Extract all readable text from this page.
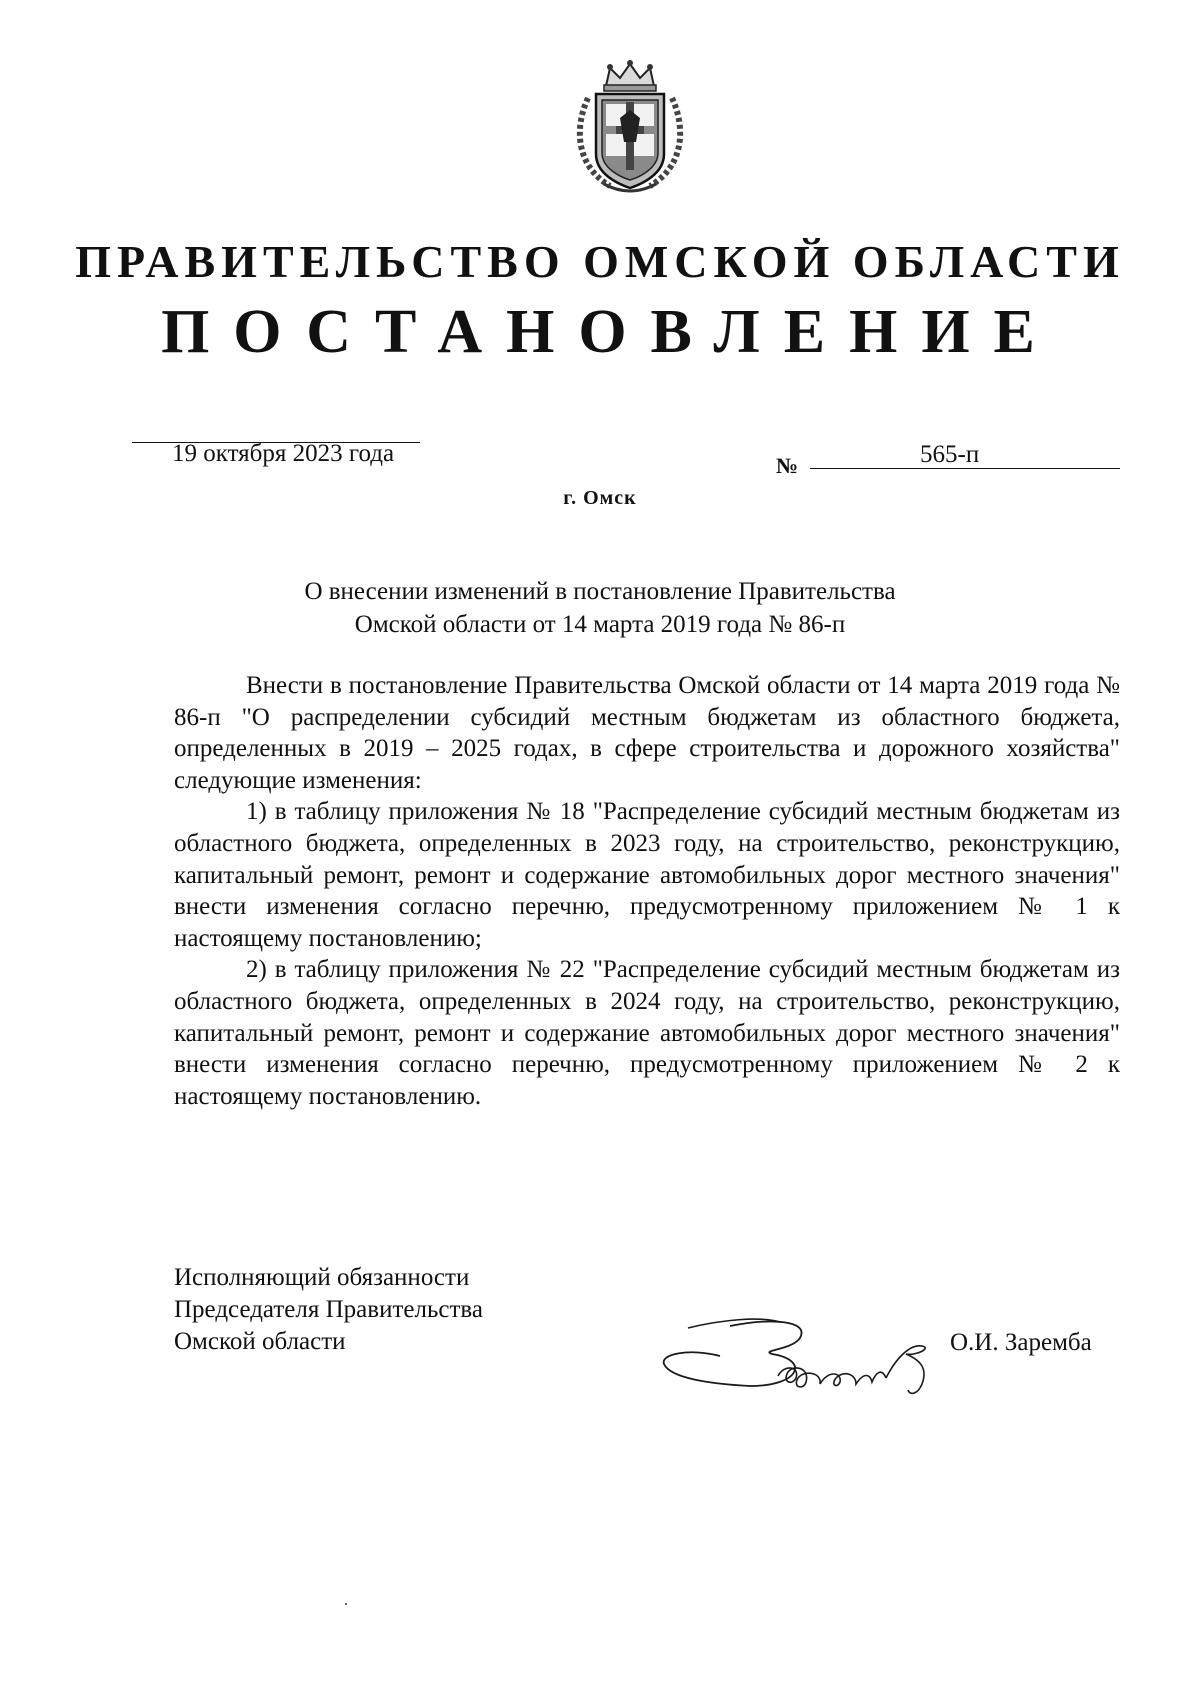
ПРАВИТЕЛЬСТВО ОМСКОЙ ОБЛАСТИ
ПОСТАНОВЛЕНИЕ
19 октября 2023 года	№	565-п
г. Омск
О внесении изменений в постановление Правительства
Омской области от 14 марта 2019 года № 86-п

Внести в постановление Правительства Омской области от 14 марта 2019 года № 86-п "О распределении субсидий местным бюджетам из областного бюджета, определенных в 2019 – 2025 годах, в сфере строительства и дорожного хозяйства" следующие изменения:

1) в таблицу приложения № 18 "Распределение субсидий местным бюджетам из областного бюджета, определенных в 2023 году, на строительство, реконструкцию, капитальный ремонт, ремонт и содержание автомобильных дорог местного значения" внести изменения согласно перечню, предусмотренному приложением № 1 к настоящему постановлению;

2) в таблицу приложения № 22 "Распределение субсидий местным бюджетам из областного бюджета, определенных в 2024 году, на строительство, реконструкцию, капитальный ремонт, ремонт и содержание автомобильных дорог местного значения" внести изменения согласно перечню, предусмотренному приложением № 2 к настоящему постановлению.

Исполняющий обязанности
Председателя Правительства
Омской области	О.И. Заремба
